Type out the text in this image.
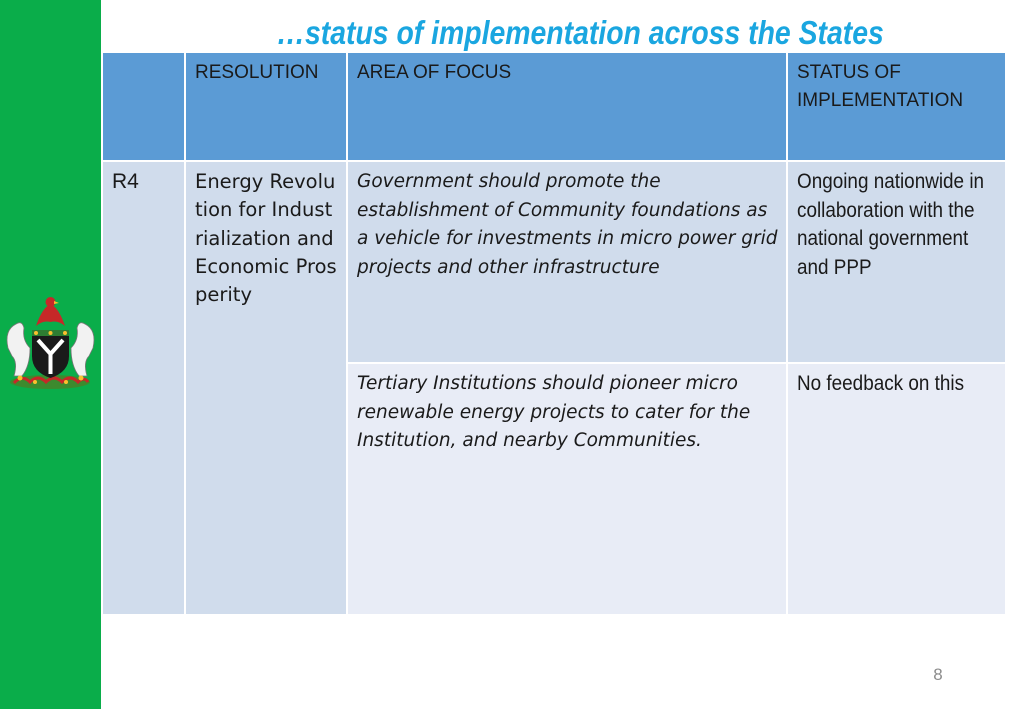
…status of implementation across the States
	RESOLUTION	AREA OF FOCUS	STATUS OF IMPLEMENTATION
R4	Energy Revolution for Industrialization and Economic Prosperity	Government should promote the establishment of Community foundations as a vehicle for investments in micro power grid projects and other infrastructure	Ongoing nationwide in collaboration with the national government and PPP

		Tertiary Institutions should pioneer micro renewable energy projects to cater for the Institution, and nearby Communities.	No feedback on this
8
